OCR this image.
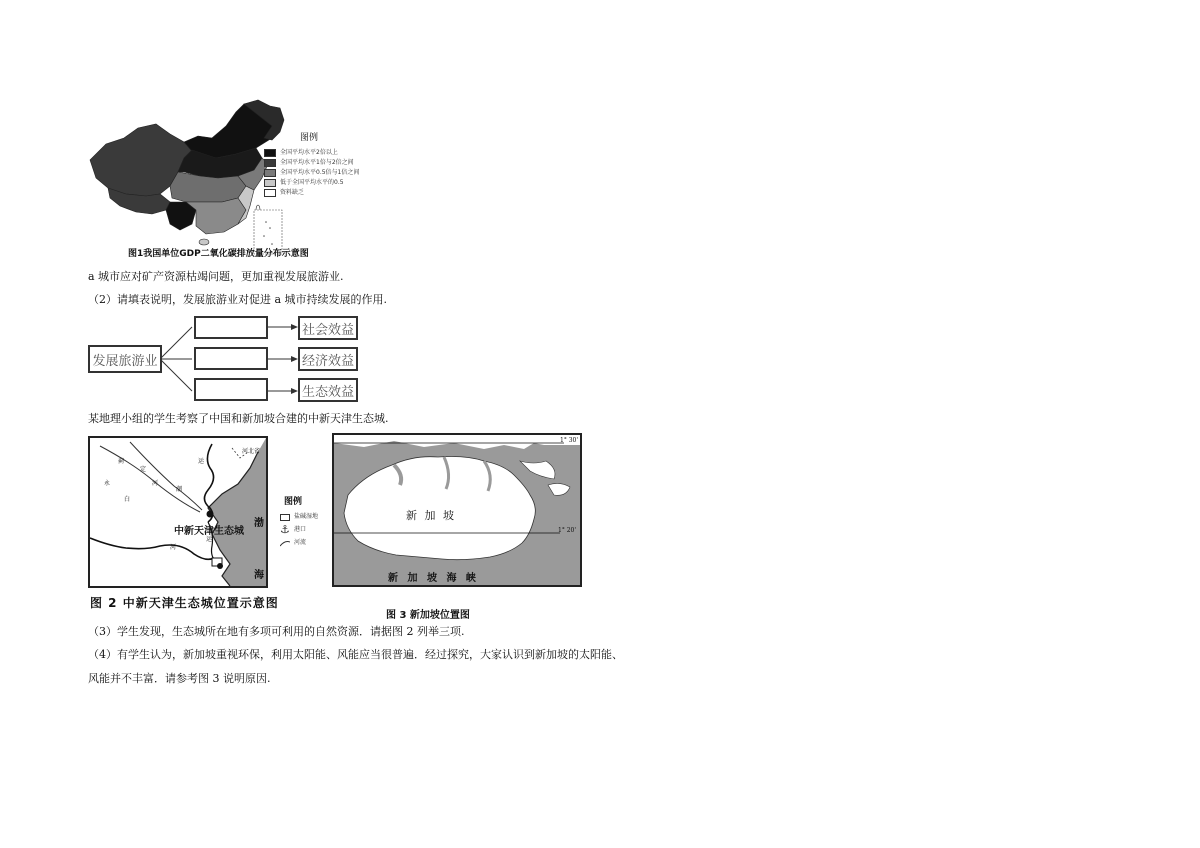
图例
全国平均水平2倍以上
全国平均水平1倍与2倍之间
全国平均水平0.5倍与1倍之间
低于全国平均水平的0.5
资料缺乏
图1我国单位GDP二氧化碳排放量分布示意图
a 城市应对矿产资源枯竭问题，更加重视发展旅游业.
（2）请填表说明，发展旅游业对促进 a 城市持续发展的作用.
发展旅游业
社会效益
经济效益
生态效益
某地理小组的学生考察了中国和新加坡合建的中新天津生态城.
河北省
蓟	运
永
定
河
潮
白
河
运
中新天津生态城
渤
海
图例
盐碱湿地
⚓ 港口
河流
图 2 中新天津生态城位置示意图
1° 30'
1° 20'
新 加 坡
新 加 坡 海 峡
图 3 新加坡位置图
（3）学生发现，生态城所在地有多项可利用的自然资源．请据图 2 列举三项.
（4）有学生认为，新加坡重视环保，利用太阳能、风能应当很普遍．经过探究，大家认识到新加坡的太阳能、
风能并不丰富．请参考图 3 说明原因.
